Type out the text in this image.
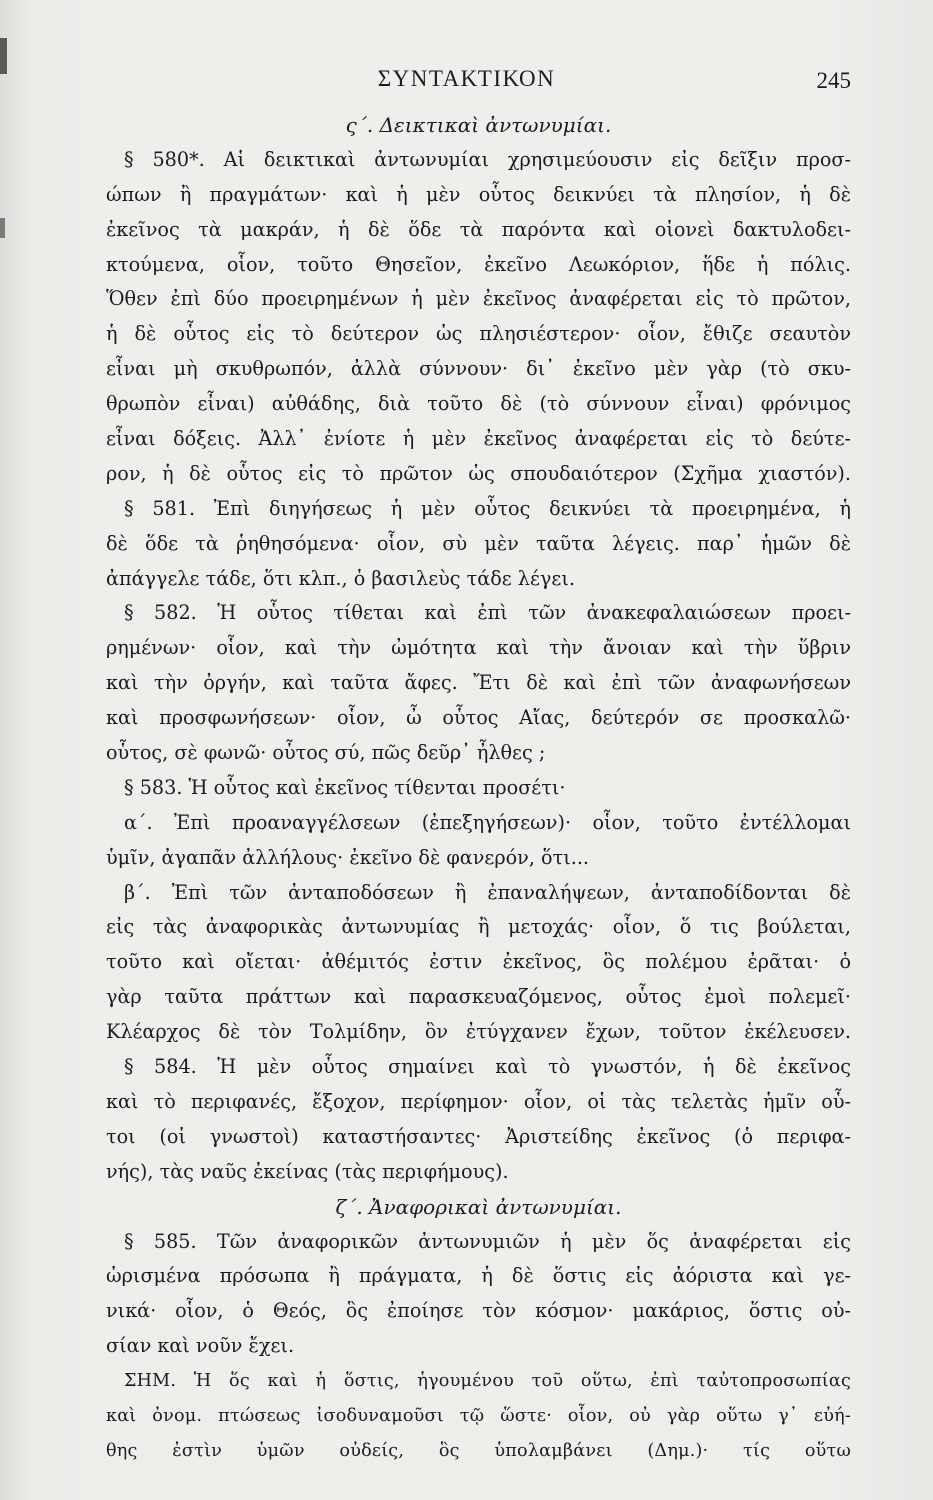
ΣΥΝΤΑΚΤΙΚΟΝ	245
ς΄. Δεικτικαὶ ἀντωνυμίαι.
§ 580*. Αἱ δεικτικαὶ ἀντωνυμίαι χρησιμεύουσιν εἰς δεῖξιν προσ-
ώπων ἢ πραγμάτων· καὶ ἡ μὲν οὗτος δεικνύει τὰ πλησίον, ἡ δὲ
ἐκεῖνος τὰ μακράν, ἡ δὲ ὅδε τὰ παρόντα καὶ οἱονεὶ δακτυλοδει-
κτούμενα, οἷον, τοῦτο Θησεῖον, ἐκεῖνο Λεωκόριον, ἥδε ἡ πόλις.
Ὅθεν ἐπὶ δύο προειρημένων ἡ μὲν ἐκεῖνος ἀναφέρεται εἰς τὸ πρῶτον,
ἡ δὲ οὗτος εἰς τὸ δεύτερον ὡς πλησιέστερον· οἷον, ἔθιζε σεαυτὸν
εἶναι μὴ σκυθρωπόν, ἀλλὰ σύννουν· δι᾽ ἐκεῖνο μὲν γὰρ (τὸ σκυ-
θρωπὸν εἶναι) αὐθάδης, διὰ τοῦτο δὲ (τὸ σύννουν εἶναι) φρόνιμος
εἶναι δόξεις. Ἀλλ᾽ ἐνίοτε ἡ μὲν ἐκεῖνος ἀναφέρεται εἰς τὸ δεύτε-
ρον, ἡ δὲ οὗτος εἰς τὸ πρῶτον ὡς σπουδαιότερον (Σχῆμα χιαστόν).
§ 581. Ἐπὶ διηγήσεως ἡ μὲν οὗτος δεικνύει τὰ προειρημένα, ἡ
δὲ ὅδε τὰ ῥηθησόμενα· οἷον, σὺ μὲν ταῦτα λέγεις. παρ᾽ ἡμῶν δὲ
ἀπάγγελε τάδε, ὅτι κλπ., ὁ βασιλεὺς τάδε λέγει.
§ 582. Ἡ οὗτος τίθεται καὶ ἐπὶ τῶν ἀνακεφαλαιώσεων προει-
ρημένων· οἷον, καὶ τὴν ὠμότητα καὶ τὴν ἄνοιαν καὶ τὴν ὕβριν
καὶ τὴν ὀργήν, καὶ ταῦτα ἄφες. Ἔτι δὲ καὶ ἐπὶ τῶν ἀναφωνήσεων
καὶ προσφωνήσεων· οἷον, ὦ οὗτος Αἴας, δεύτερόν σε προσκαλῶ·
οὗτος, σὲ φωνῶ· οὗτος σύ, πῶς δεῦρ᾽ ἦλθες ;
§ 583. Ἡ οὗτος καὶ ἐκεῖνος τίθενται προσέτι·
α΄. Ἐπὶ προαναγγέλσεων (ἐπεξηγήσεων)· οἷον, τοῦτο ἐντέλλομαι
ὑμῖν, ἀγαπᾶν ἀλλήλους· ἐκεῖνο δὲ φανερόν, ὅτι...
β΄. Ἐπὶ τῶν ἀνταποδόσεων ἢ ἐπαναλήψεων, ἀνταποδίδονται δὲ
εἰς τὰς ἀναφορικὰς ἀντωνυμίας ἢ μετοχάς· οἷον, ὅ τις βούλεται,
τοῦτο καὶ οἴεται· ἀθέμιτός ἐστιν ἐκεῖνος, ὃς πολέμου ἐρᾶται· ὁ
γὰρ ταῦτα πράττων καὶ παρασκευαζόμενος, οὗτος ἐμοὶ πολεμεῖ·
Κλέαρχος δὲ τὸν Τολμίδην, ὃν ἐτύγχανεν ἔχων, τοῦτον ἐκέλευσεν.
§ 584. Ἡ μὲν οὗτος σημαίνει καὶ τὸ γνωστόν, ἡ δὲ ἐκεῖνος
καὶ τὸ περιφανές, ἔξοχον, περίφημον· οἷον, οἱ τὰς τελετὰς ἡμῖν οὗ-
τοι (οἱ γνωστοὶ) καταστήσαντες· Ἀριστείδης ἐκεῖνος (ὁ περιφα-
νής), τὰς ναῦς ἐκείνας (τὰς περιφήμους).
ζ΄. Ἀναφορικαὶ ἀντωνυμίαι.
§ 585. Τῶν ἀναφορικῶν ἀντωνυμιῶν ἡ μὲν ὅς ἀναφέρεται εἰς
ὡρισμένα πρόσωπα ἢ πράγματα, ἡ δὲ ὅστις εἰς ἀόριστα καὶ γε-
νικά· οἷον, ὁ Θεός, ὃς ἐποίησε τὸν κόσμον· μακάριος, ὅστις οὐ-
σίαν καὶ νοῦν ἔχει.
ΣΗΜ. Ἡ ὅς καὶ ἡ ὅστις, ἡγουμένου τοῦ οὕτω, ἐπὶ ταὐτοπροσωπίας
καὶ ὀνομ. πτώσεως ἰσοδυναμοῦσι τῷ ὥστε· οἷον, οὐ γὰρ οὕτω γ᾽ εὐή-
θης ἐστὶν ὑμῶν οὐδείς, ὃς ὑπολαμβάνει (Δημ.)· τίς οὕτω
